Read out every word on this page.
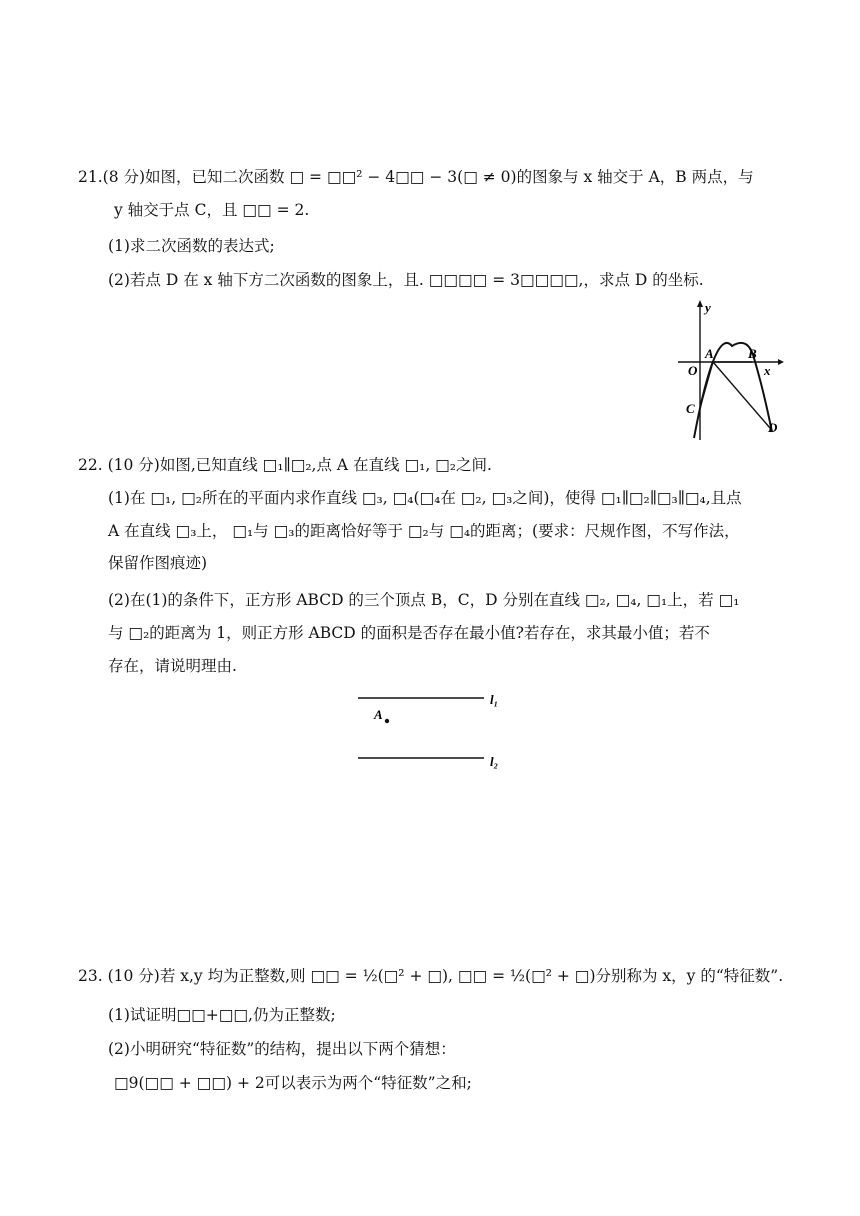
21.(8 分)如图，已知二次函数 □ = □□² − 4□□ − 3(□ ≠ 0)的图象与 x 轴交于 A，B 两点，与
y 轴交于点 C，且 □□ = 2.
(1)求二次函数的表达式;
(2)若点 D 在 x 轴下方二次函数的图象上，且. □□□□ = 3□□□□,，求点 D 的坐标.
y
x
O
A	B
C
D
22. (10 分)如图,已知直线 □₁∥□₂,点 A 在直线 □₁, □₂之间.
(1)在 □₁, □₂所在的平面内求作直线 □₃, □₄(□₄在 □₂, □₃之间)，使得 □₁∥□₂∥□₃∥□₄,且点
A 在直线 □₃上， □₁与 □₃的距离恰好等于 □₂与 □₄的距离；(要求：尺规作图，不写作法，
保留作图痕迹)
(2)在(1)的条件下，正方形 ABCD 的三个顶点 B，C，D 分别在直线 □₂, □₄, □₁上，若 □₁
与 □₂的距离为 1，则正方形 ABCD 的面积是否存在最小值?若存在，求其最小值；若不
存在，请说明理由.
l₁
l₂
A
23. (10 分)若 x,y 均为正整数,则 □□ = ½(□² + □), □□ = ½(□² + □)分别称为 x，y 的“特征数”.
(1)试证明□□+□□,仍为正整数;
(2)小明研究“特征数”的结构，提出以下两个猜想：
□9(□□ + □□) + 2可以表示为两个“特征数”之和;
